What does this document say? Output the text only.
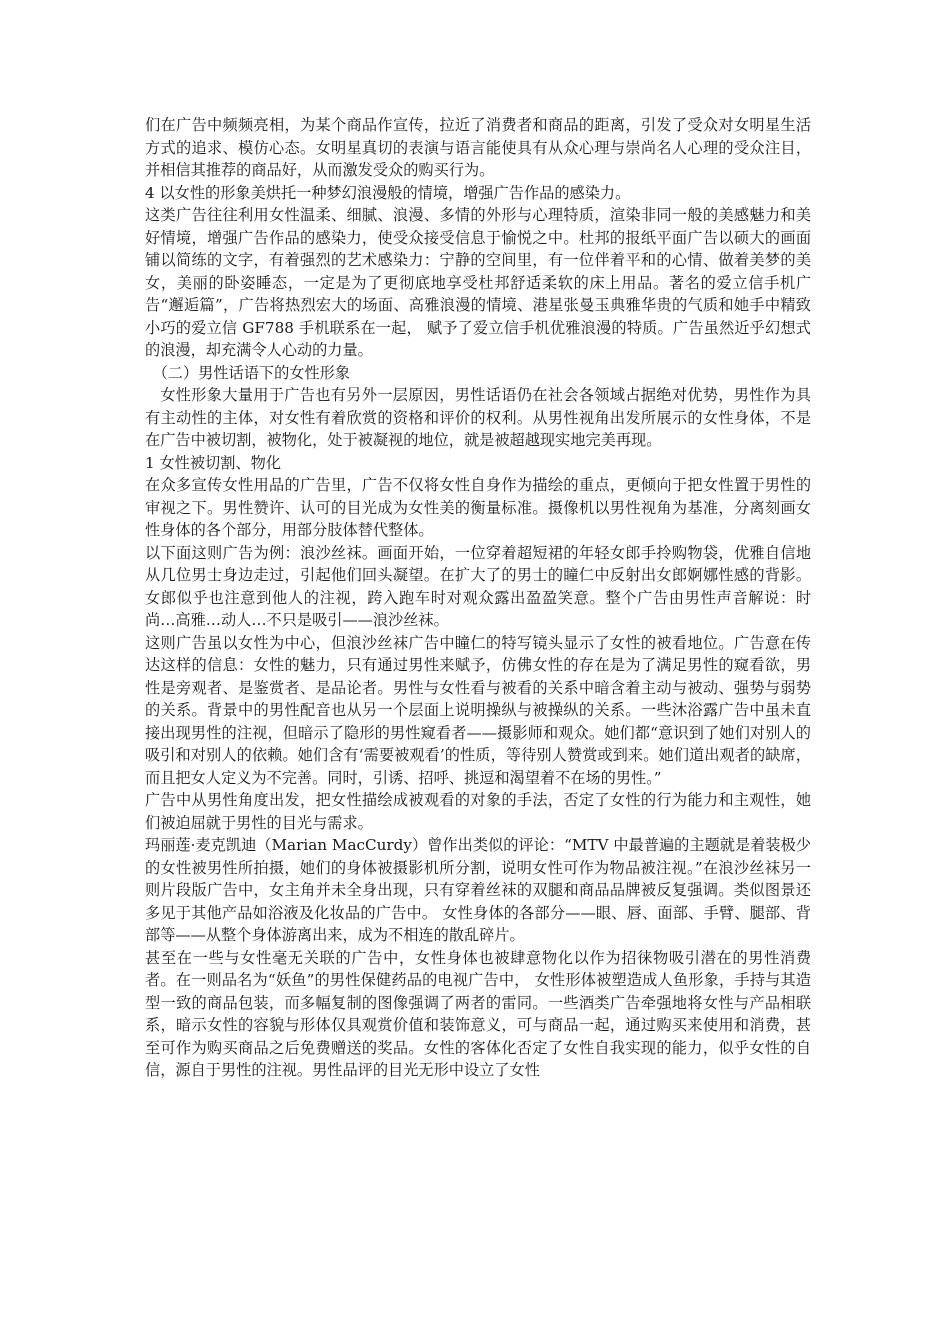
们在广告中频频亮相，为某个商品作宣传，拉近了消费者和商品的距离，引发了受众对女明星生活方式的追求、模仿心态。女明星真切的表演与语言能使具有从众心理与崇尚名人心理的受众注目，并相信其推荐的商品好，从而激发受众的购买行为。

4 以女性的形象美烘托一种梦幻浪漫般的情境，增强广告作品的感染力。

这类广告往往利用女性温柔、细腻、浪漫、多情的外形与心理特质，渲染非同一般的美感魅力和美好情境，增强广告作品的感染力，使受众接受信息于愉悦之中。杜邦的报纸平面广告以硕大的画面铺以简练的文字，有着强烈的艺术感染力：宁静的空间里，有一位伴着平和的心情、做着美梦的美女，美丽的卧姿睡态，一定是为了更彻底地享受杜邦舒适柔软的床上用品。著名的爱立信手机广告“邂逅篇”，广告将热烈宏大的场面、高雅浪漫的情境、港星张曼玉典雅华贵的气质和她手中精致小巧的爱立信 GF788 手机联系在一起， 赋予了爱立信手机优雅浪漫的特质。广告虽然近乎幻想式的浪漫，却充满令人心动的力量。

（二）男性话语下的女性形象

女性形象大量用于广告也有另外一层原因，男性话语仍在社会各领域占据绝对优势，男性作为具有主动性的主体，对女性有着欣赏的资格和评价的权利。从男性视角出发所展示的女性身体，不是在广告中被切割，被物化，处于被凝视的地位，就是被超越现实地完美再现。

1 女性被切割、物化

在众多宣传女性用品的广告里，广告不仅将女性自身作为描绘的重点，更倾向于把女性置于男性的审视之下。男性赞许、认可的目光成为女性美的衡量标准。摄像机以男性视角为基准，分离刻画女性身体的各个部分，用部分肢体替代整体。

以下面这则广告为例：浪沙丝袜。画面开始，一位穿着超短裙的年轻女郎手拎购物袋，优雅自信地从几位男士身边走过，引起他们回头凝望。在扩大了的男士的瞳仁中反射出女郎婀娜性感的背影。女郎似乎也注意到他人的注视，跨入跑车时对观众露出盈盈笑意。整个广告由男性声音解说：时尚…高雅…动人…不只是吸引——浪沙丝袜。

这则广告虽以女性为中心，但浪沙丝袜广告中瞳仁的特写镜头显示了女性的被看地位。广告意在传达这样的信息：女性的魅力，只有通过男性来赋予，仿佛女性的存在是为了满足男性的窥看欲，男性是旁观者、是鉴赏者、是品论者。男性与女性看与被看的关系中暗含着主动与被动、强势与弱势的关系。背景中的男性配音也从另一个层面上说明操纵与被操纵的关系。一些沐浴露广告中虽未直接出现男性的注视，但暗示了隐形的男性窥看者——摄影师和观众。她们都“意识到了她们对别人的吸引和对别人的依赖。她们含有‘需要被观看’的性质，等待别人赞赏或到来。她们道出观者的缺席，而且把女人定义为不完善。同时，引诱、招呼、挑逗和渴望着不在场的男性。”

广告中从男性角度出发，把女性描绘成被观看的对象的手法，否定了女性的行为能力和主观性，她们被迫屈就于男性的目光与需求。

玛丽莲·麦克凯迪（Marian MacCurdy）曾作出类似的评论：“MTV 中最普遍的主题就是着装极少的女性被男性所拍摄，她们的身体被摄影机所分割，说明女性可作为物品被注视。”在浪沙丝袜另一则片段版广告中，女主角并未全身出现，只有穿着丝袜的双腿和商品品牌被反复强调。类似图景还多见于其他产品如浴液及化妆品的广告中。 女性身体的各部分——眼、唇、面部、手臂、腿部、背部等——从整个身体游离出来，成为不相连的散乱碎片。

甚至在一些与女性毫无关联的广告中，女性身体也被肆意物化以作为招徕物吸引潜在的男性消费者。在一则品名为“妖鱼”的男性保健药品的电视广告中， 女性形体被塑造成人鱼形象，手持与其造型一致的商品包装，而多幅复制的图像强调了两者的雷同。一些酒类广告牵强地将女性与产品相联系，暗示女性的容貌与形体仅具观赏价值和装饰意义，可与商品一起，通过购买来使用和消费，甚至可作为购买商品之后免费赠送的奖品。女性的客体化否定了女性自我实现的能力，似乎女性的自信，源自于男性的注视。男性品评的目光无形中设立了女性
